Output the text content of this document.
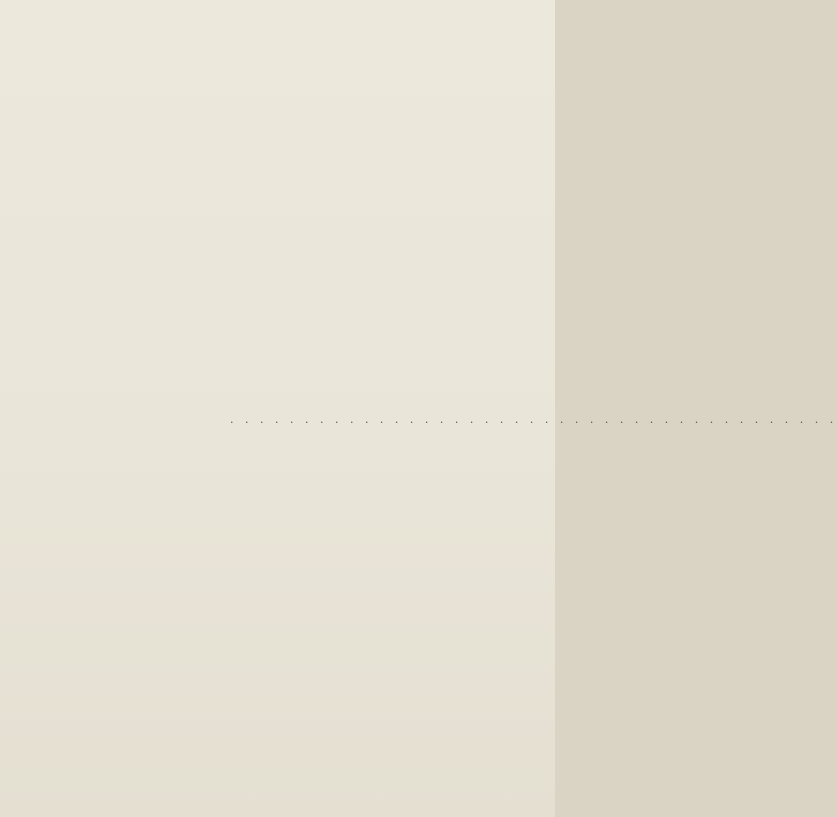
. . . . . . . . . . . . . . . . . . . . . . . . . . . . . . . . . . . . . . . . .
